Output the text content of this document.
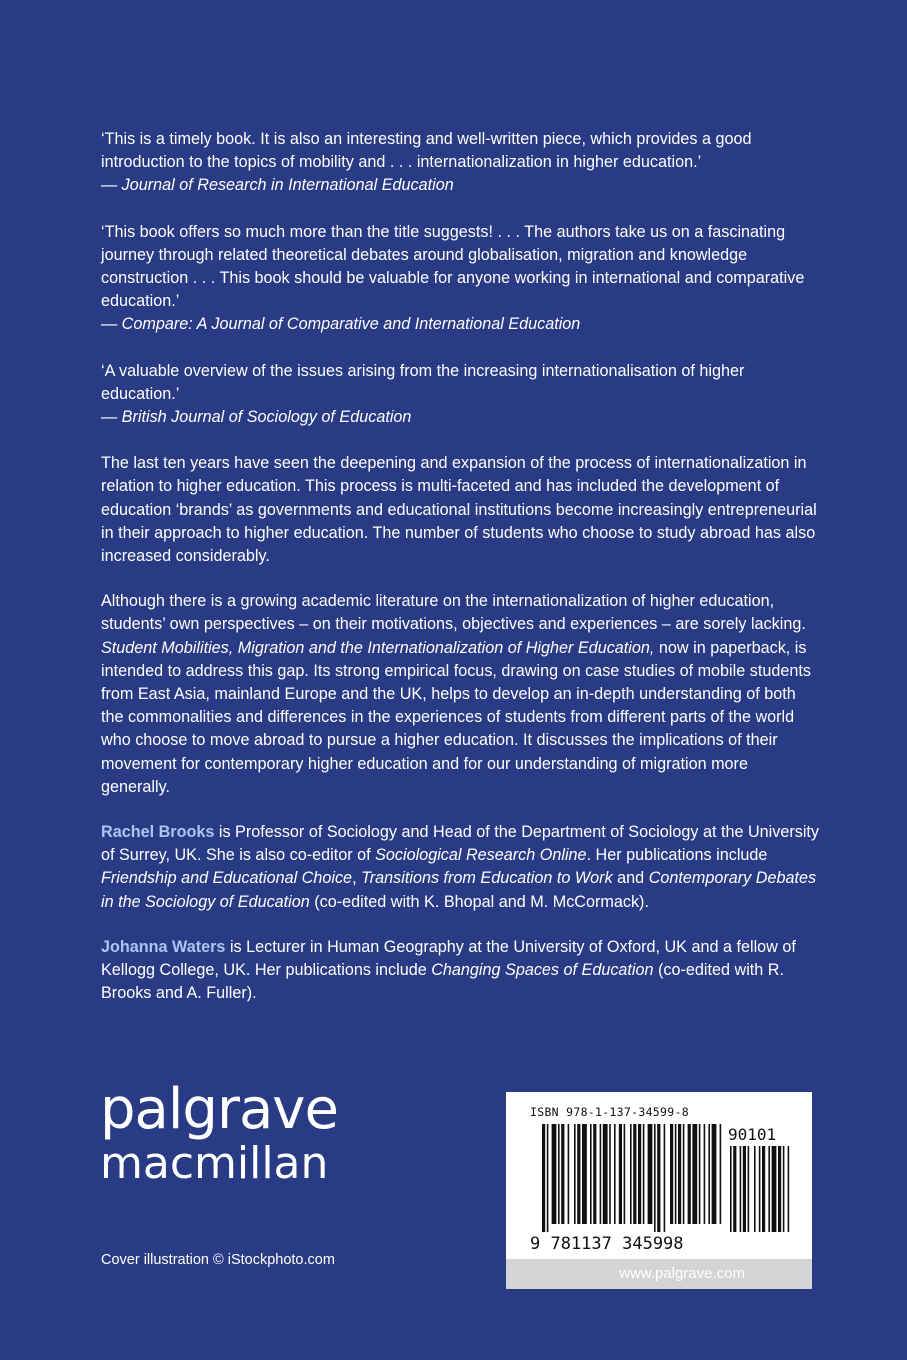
‘This is a timely book. It is also an interesting and well-written piece, which provides a good introduction to the topics of mobility and . . . internationalization in higher education.’

— Journal of Research in International Education

‘This book offers so much more than the title suggests! . . . The authors take us on a fascinating journey through related theoretical debates around globalisation, migration and knowledge construction . . . This book should be valuable for anyone working in international and comparative education.’

— Compare: A Journal of Comparative and International Education

‘A valuable overview of the issues arising from the increasing internationalisation of higher education.’

— British Journal of Sociology of Education

The last ten years have seen the deepening and expansion of the process of internationalization in relation to higher education. This process is multi-faceted and has included the development of education ‘brands’ as governments and educational institutions become increasingly entrepreneurial in their approach to higher education. The number of students who choose to study abroad has also increased considerably.

Although there is a growing academic literature on the internationalization of higher education, students’ own perspectives – on their motivations, objectives and experiences – are sorely lacking. Student Mobilities, Migration and the Internationalization of Higher Education, now in paperback, is intended to address this gap. Its strong empirical focus, drawing on case studies of mobile students from East Asia, mainland Europe and the UK, helps to develop an in-depth understanding of both the commonalities and differences in the experiences of students from different parts of the world who choose to move abroad to pursue a higher education. It discusses the implications of their movement for contemporary higher education and for our understanding of migration more generally.

Rachel Brooks is Professor of Sociology and Head of the Department of Sociology at the University of Surrey, UK. She is also co-editor of Sociological Research Online. Her publications include Friendship and Educational Choice, Transitions from Education to Work and Contemporary Debates in the Sociology of Education (co-edited with K. Bhopal and M. McCormack).

Johanna Waters is Lecturer in Human Geography at the University of Oxford, UK and a fellow of Kellogg College, UK. Her publications include Changing Spaces of Education (co-edited with R. Brooks and A. Fuller).

palgrave
macmillan
Cover illustration © iStockphoto.com
ISBN 978-1-137-34599-8
9 781137 345998
90101
www.palgrave.com
